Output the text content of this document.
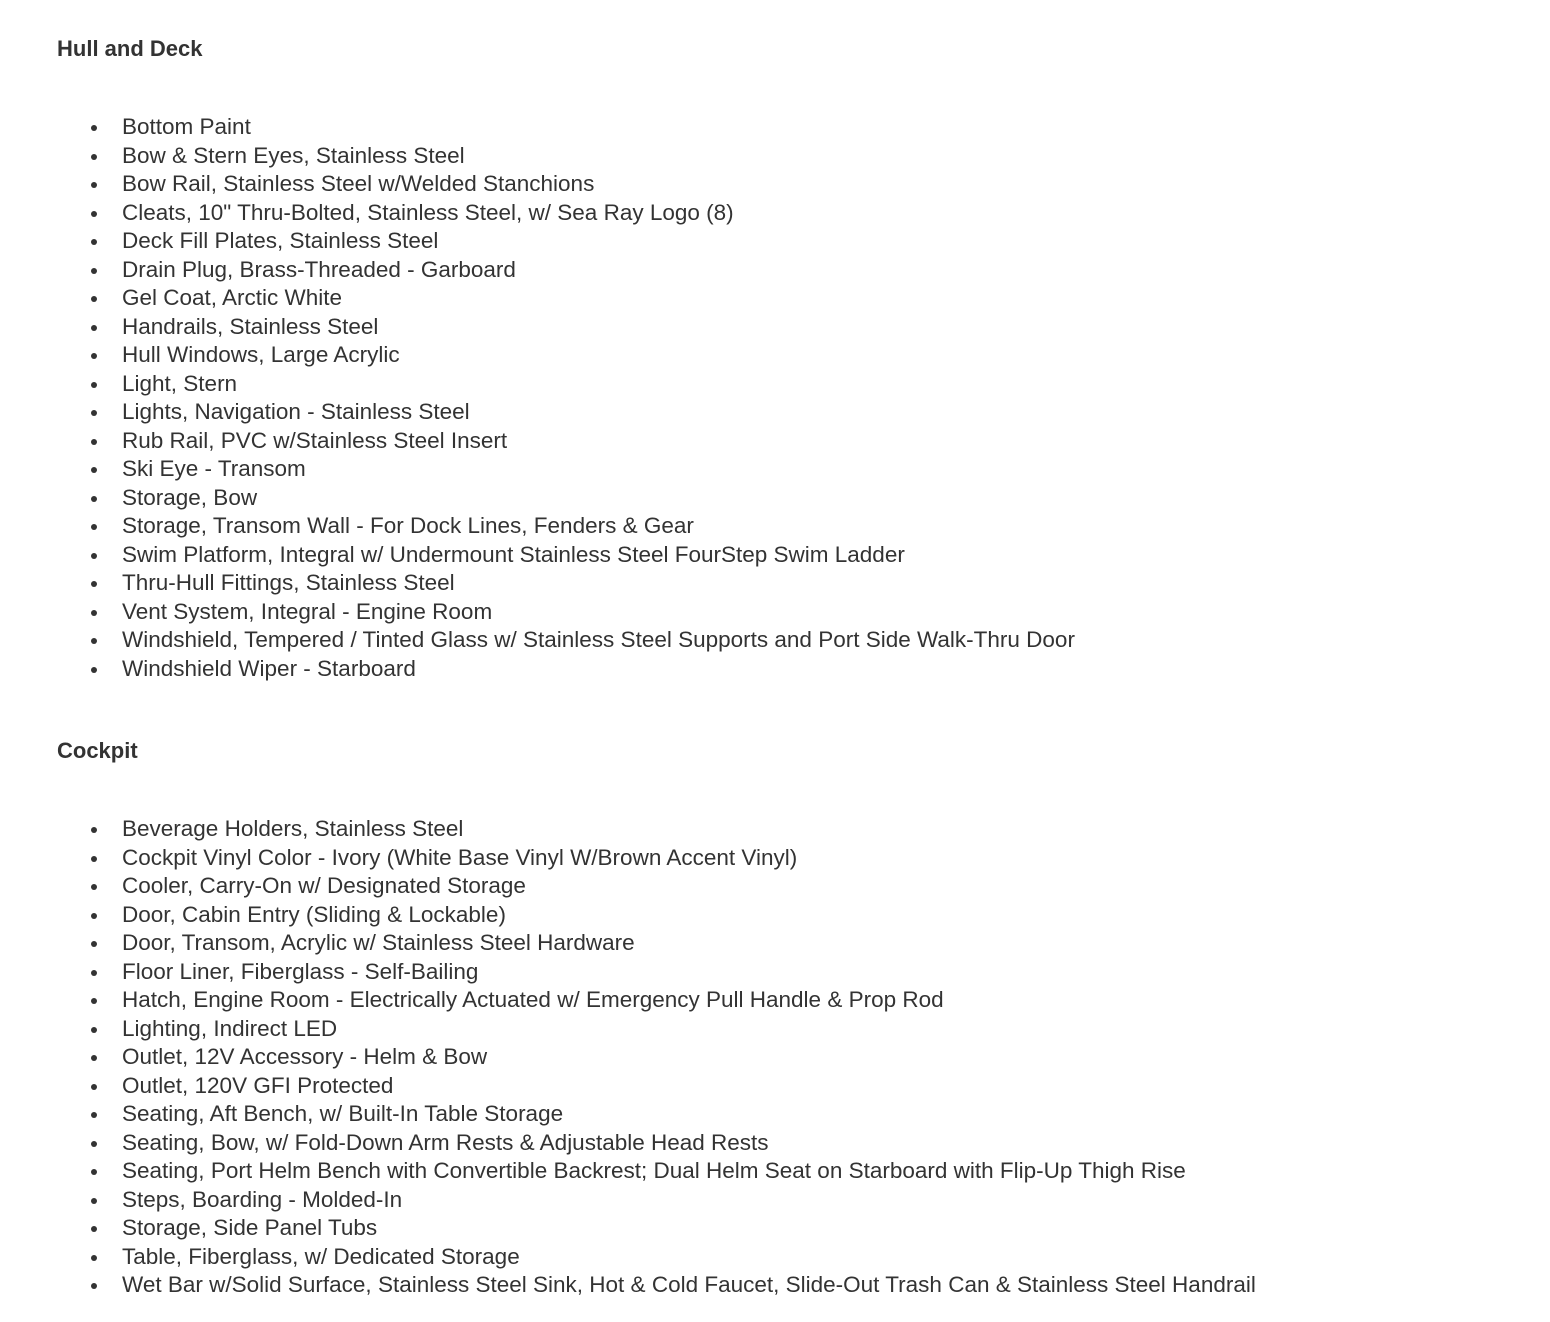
Hull and Deck
Bottom Paint
Bow & Stern Eyes, Stainless Steel
Bow Rail, Stainless Steel w/Welded Stanchions
Cleats, 10" Thru-Bolted, Stainless Steel, w/ Sea Ray Logo (8)
Deck Fill Plates, Stainless Steel
Drain Plug, Brass-Threaded - Garboard
Gel Coat, Arctic White
Handrails, Stainless Steel
Hull Windows, Large Acrylic
Light, Stern
Lights, Navigation - Stainless Steel
Rub Rail, PVC w/Stainless Steel Insert
Ski Eye - Transom
Storage, Bow
Storage, Transom Wall - For Dock Lines, Fenders & Gear
Swim Platform, Integral w/ Undermount Stainless Steel FourStep Swim Ladder
Thru-Hull Fittings, Stainless Steel
Vent System, Integral - Engine Room
Windshield, Tempered / Tinted Glass w/ Stainless Steel Supports and Port Side Walk-Thru Door
Windshield Wiper - Starboard
Cockpit
Beverage Holders, Stainless Steel
Cockpit Vinyl Color - Ivory (White Base Vinyl W/Brown Accent Vinyl)
Cooler, Carry-On w/ Designated Storage
Door, Cabin Entry (Sliding & Lockable)
Door, Transom, Acrylic w/ Stainless Steel Hardware
Floor Liner, Fiberglass - Self-Bailing
Hatch, Engine Room - Electrically Actuated w/ Emergency Pull Handle & Prop Rod
Lighting, Indirect LED
Outlet, 12V Accessory - Helm & Bow
Outlet, 120V GFI Protected
Seating, Aft Bench, w/ Built-In Table Storage
Seating, Bow, w/ Fold-Down Arm Rests & Adjustable Head Rests
Seating, Port Helm Bench with Convertible Backrest; Dual Helm Seat on Starboard with Flip-Up Thigh Rise
Steps, Boarding - Molded-In
Storage, Side Panel Tubs
Table, Fiberglass, w/ Dedicated Storage
Wet Bar w/Solid Surface, Stainless Steel Sink, Hot & Cold Faucet, Slide-Out Trash Can & Stainless Steel Handrail
